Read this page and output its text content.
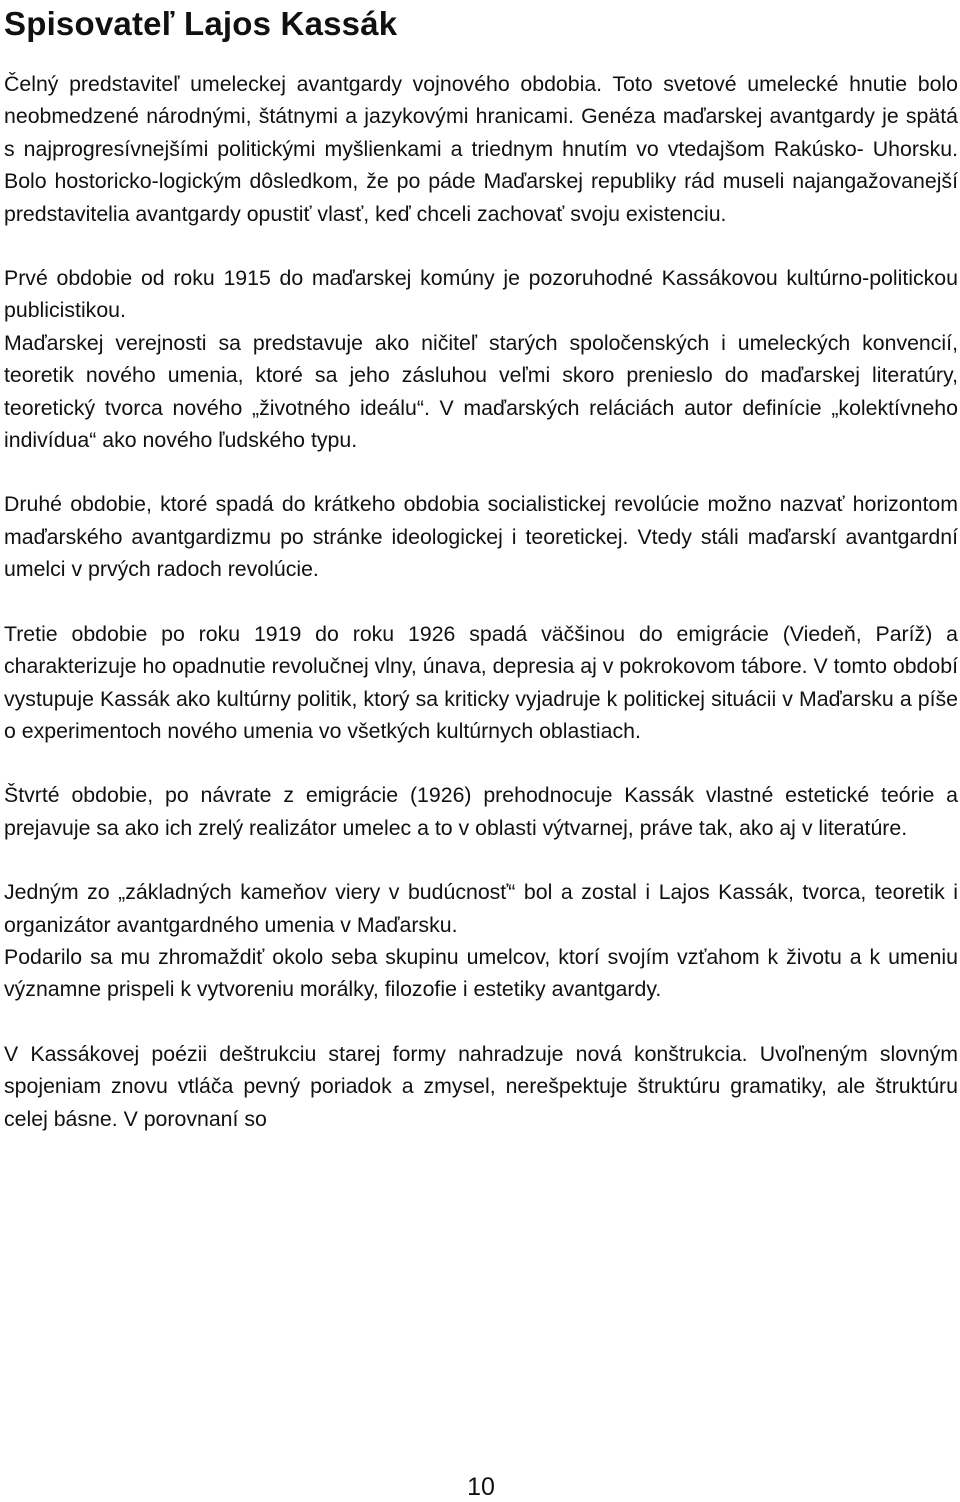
Spisovateľ Lajos Kassák

Čelný predstaviteľ umeleckej avantgardy vojnového obdobia. Toto svetové umelecké hnutie bolo neobmedzené národnými, štátnymi a jazykovými hranicami. Genéza maďarskej avantgardy je spätá s najprogresívnejšími politickými myšlienkami a triednym hnutím vo vtedajšom Rakúsko- Uhorsku. Bolo hostoricko-logickým dôsledkom, že po páde Maďarskej republiky rád museli najangažovanejší predstavitelia avantgardy opustiť vlasť, keď chceli zachovať svoju existenciu.

Prvé obdobie od roku 1915 do maďarskej komúny je pozoruhodné Kassákovou kultúrno-politickou publicistikou.

Maďarskej verejnosti sa predstavuje ako ničiteľ starých spoločenských i umeleckých konvencií, teoretik nového umenia, ktoré sa jeho zásluhou veľmi skoro prenieslo do maďarskej literatúry, teoretický tvorca nového „životného ideálu“. V maďarských reláciách autor definície „kolektívneho indivídua“ ako nového ľudského typu.

Druhé obdobie, ktoré spadá do krátkeho obdobia socialistickej revolúcie možno nazvať horizontom maďarského avantgardizmu po stránke ideologickej i teoretickej. Vtedy stáli maďarskí avantgardní umelci v prvých radoch revolúcie.

Tretie obdobie po roku 1919 do roku 1926 spadá väčšinou do emigrácie (Viedeň, Paríž) a charakterizuje ho opadnutie revolučnej vlny, únava, depresia aj v pokrokovom tábore. V tomto období vystupuje Kassák ako kultúrny politik, ktorý sa kriticky vyjadruje k politickej situácii v Maďarsku a píše o experimentoch nového umenia vo všetkých kultúrnych oblastiach.

Štvrté obdobie, po návrate z emigrácie (1926) prehodnocuje Kassák vlastné estetické teórie a prejavuje sa ako ich zrelý realizátor umelec a to v oblasti výtvarnej, práve tak, ako aj v literatúre.

Jedným zo „základných kameňov viery v budúcnosť“ bol a zostal i Lajos Kassák, tvorca, teoretik i organizátor avantgardného umenia v Maďarsku.

Podarilo sa mu zhromaždiť okolo seba skupinu umelcov, ktorí svojím vzťahom k životu a k umeniu významne prispeli k vytvoreniu morálky, filozofie i estetiky avantgardy.

V Kassákovej poézii deštrukciu starej formy nahradzuje nová konštrukcia. Uvoľneným slovným spojeniam znovu vtláča pevný poriadok a zmysel, nerešpektuje štruktúru gramatiky, ale štruktúru celej básne. V porovnaní so

10
